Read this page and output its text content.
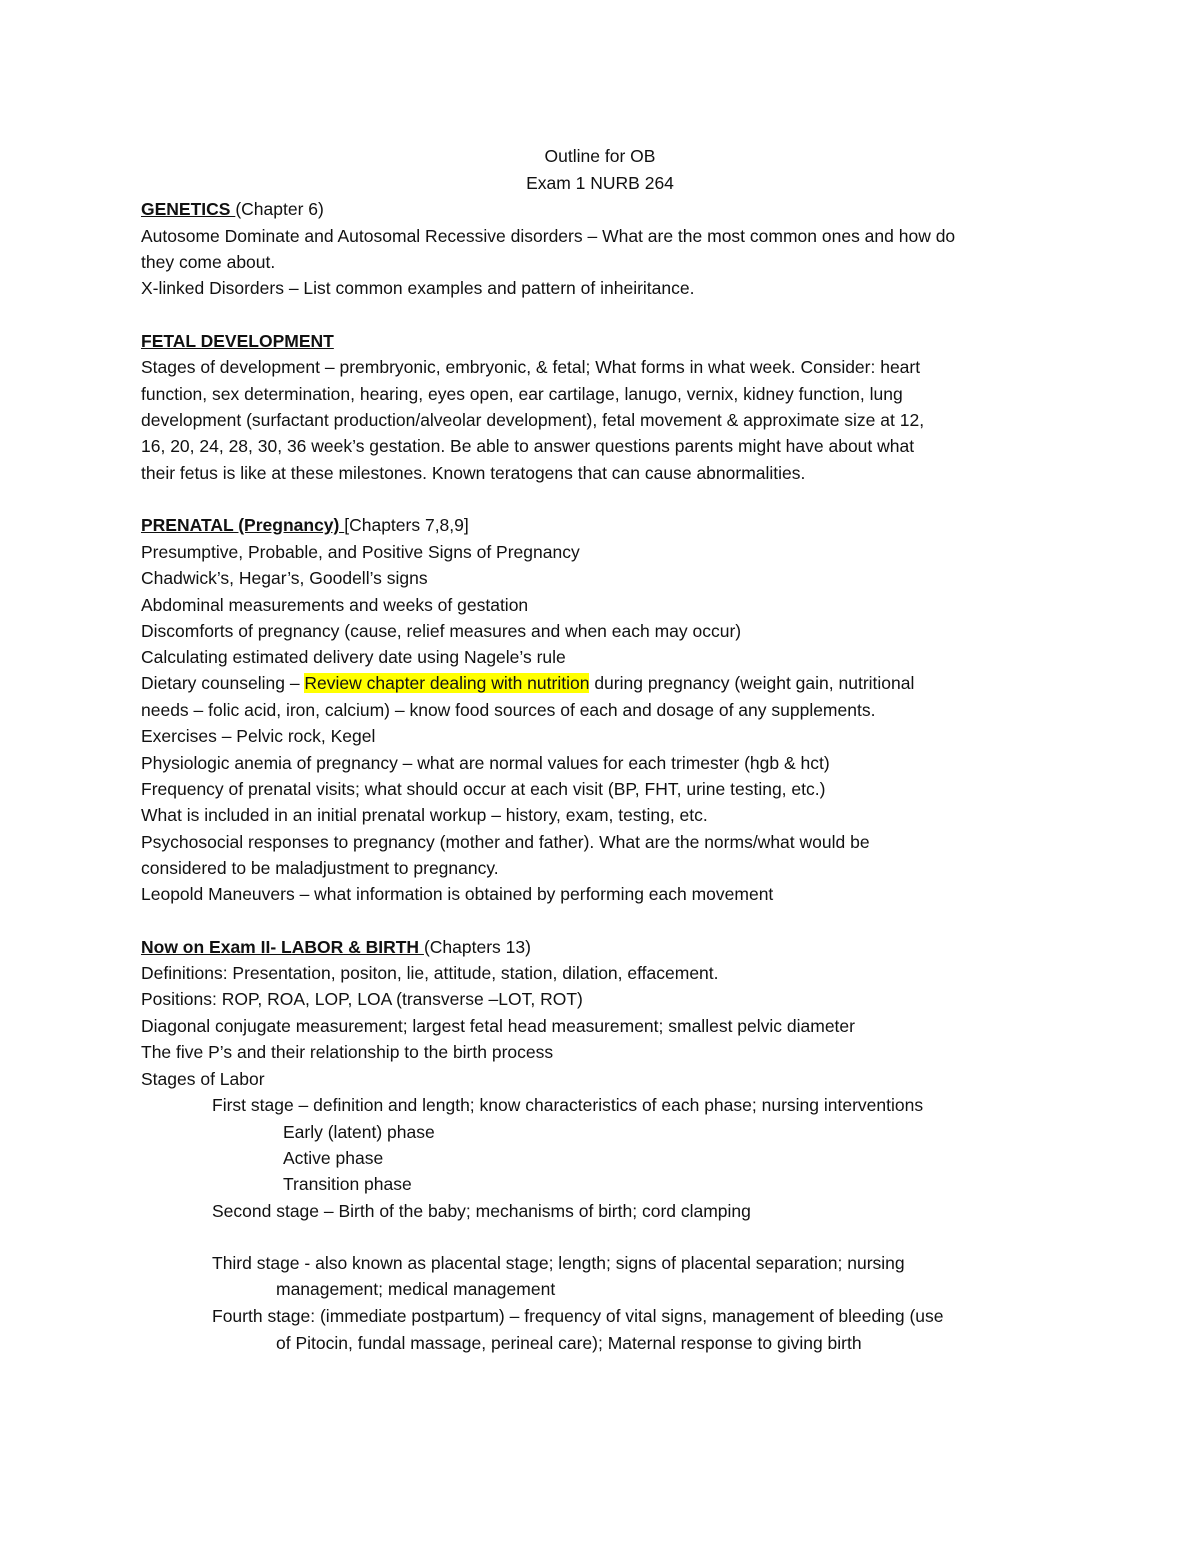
Outline for OB
Exam 1 NURB 264
GENETICS (Chapter 6)
Autosome Dominate and Autosomal Recessive disorders – What are the most common ones and how do
they come about.
X-linked Disorders – List common examples and pattern of inheiritance.
FETAL DEVELOPMENT
Stages of development – prembryonic, embryonic, & fetal; What forms in what week. Consider: heart
function, sex determination, hearing, eyes open, ear cartilage, lanugo, vernix, kidney function, lung
development (surfactant production/alveolar development), fetal movement & approximate size at 12,
16, 20, 24, 28, 30, 36 week’s gestation. Be able to answer questions parents might have about what
their fetus is like at these milestones. Known teratogens that can cause abnormalities.
PRENATAL (Pregnancy) [Chapters 7,8,9]
Presumptive, Probable, and Positive Signs of Pregnancy
Chadwick’s, Hegar’s, Goodell’s signs
Abdominal measurements and weeks of gestation
Discomforts of pregnancy (cause, relief measures and when each may occur)
Calculating estimated delivery date using Nagele’s rule
Dietary counseling – Review chapter dealing with nutrition during pregnancy (weight gain, nutritional
needs – folic acid, iron, calcium) – know food sources of each and dosage of any supplements.
Exercises – Pelvic rock, Kegel
Physiologic anemia of pregnancy – what are normal values for each trimester (hgb & hct)
Frequency of prenatal visits; what should occur at each visit (BP, FHT, urine testing, etc.)
What is included in an initial prenatal workup – history, exam, testing, etc.
Psychosocial responses to pregnancy (mother and father). What are the norms/what would be
considered to be maladjustment to pregnancy.
Leopold Maneuvers – what information is obtained by performing each movement
Now on Exam II- LABOR & BIRTH (Chapters 13)
Definitions: Presentation, positon, lie, attitude, station, dilation, effacement.
Positions: ROP, ROA, LOP, LOA (transverse –LOT, ROT)
Diagonal conjugate measurement; largest fetal head measurement; smallest pelvic diameter
The five P’s and their relationship to the birth process
Stages of Labor
First stage – definition and length; know characteristics of each phase; nursing interventions
Early (latent) phase
Active phase
Transition phase
Second stage – Birth of the baby; mechanisms of birth; cord clamping
Third stage - also known as placental stage; length; signs of placental separation; nursing
management; medical management
Fourth stage: (immediate postpartum) – frequency of vital signs, management of bleeding (use
of Pitocin, fundal massage, perineal care); Maternal response to giving birth
